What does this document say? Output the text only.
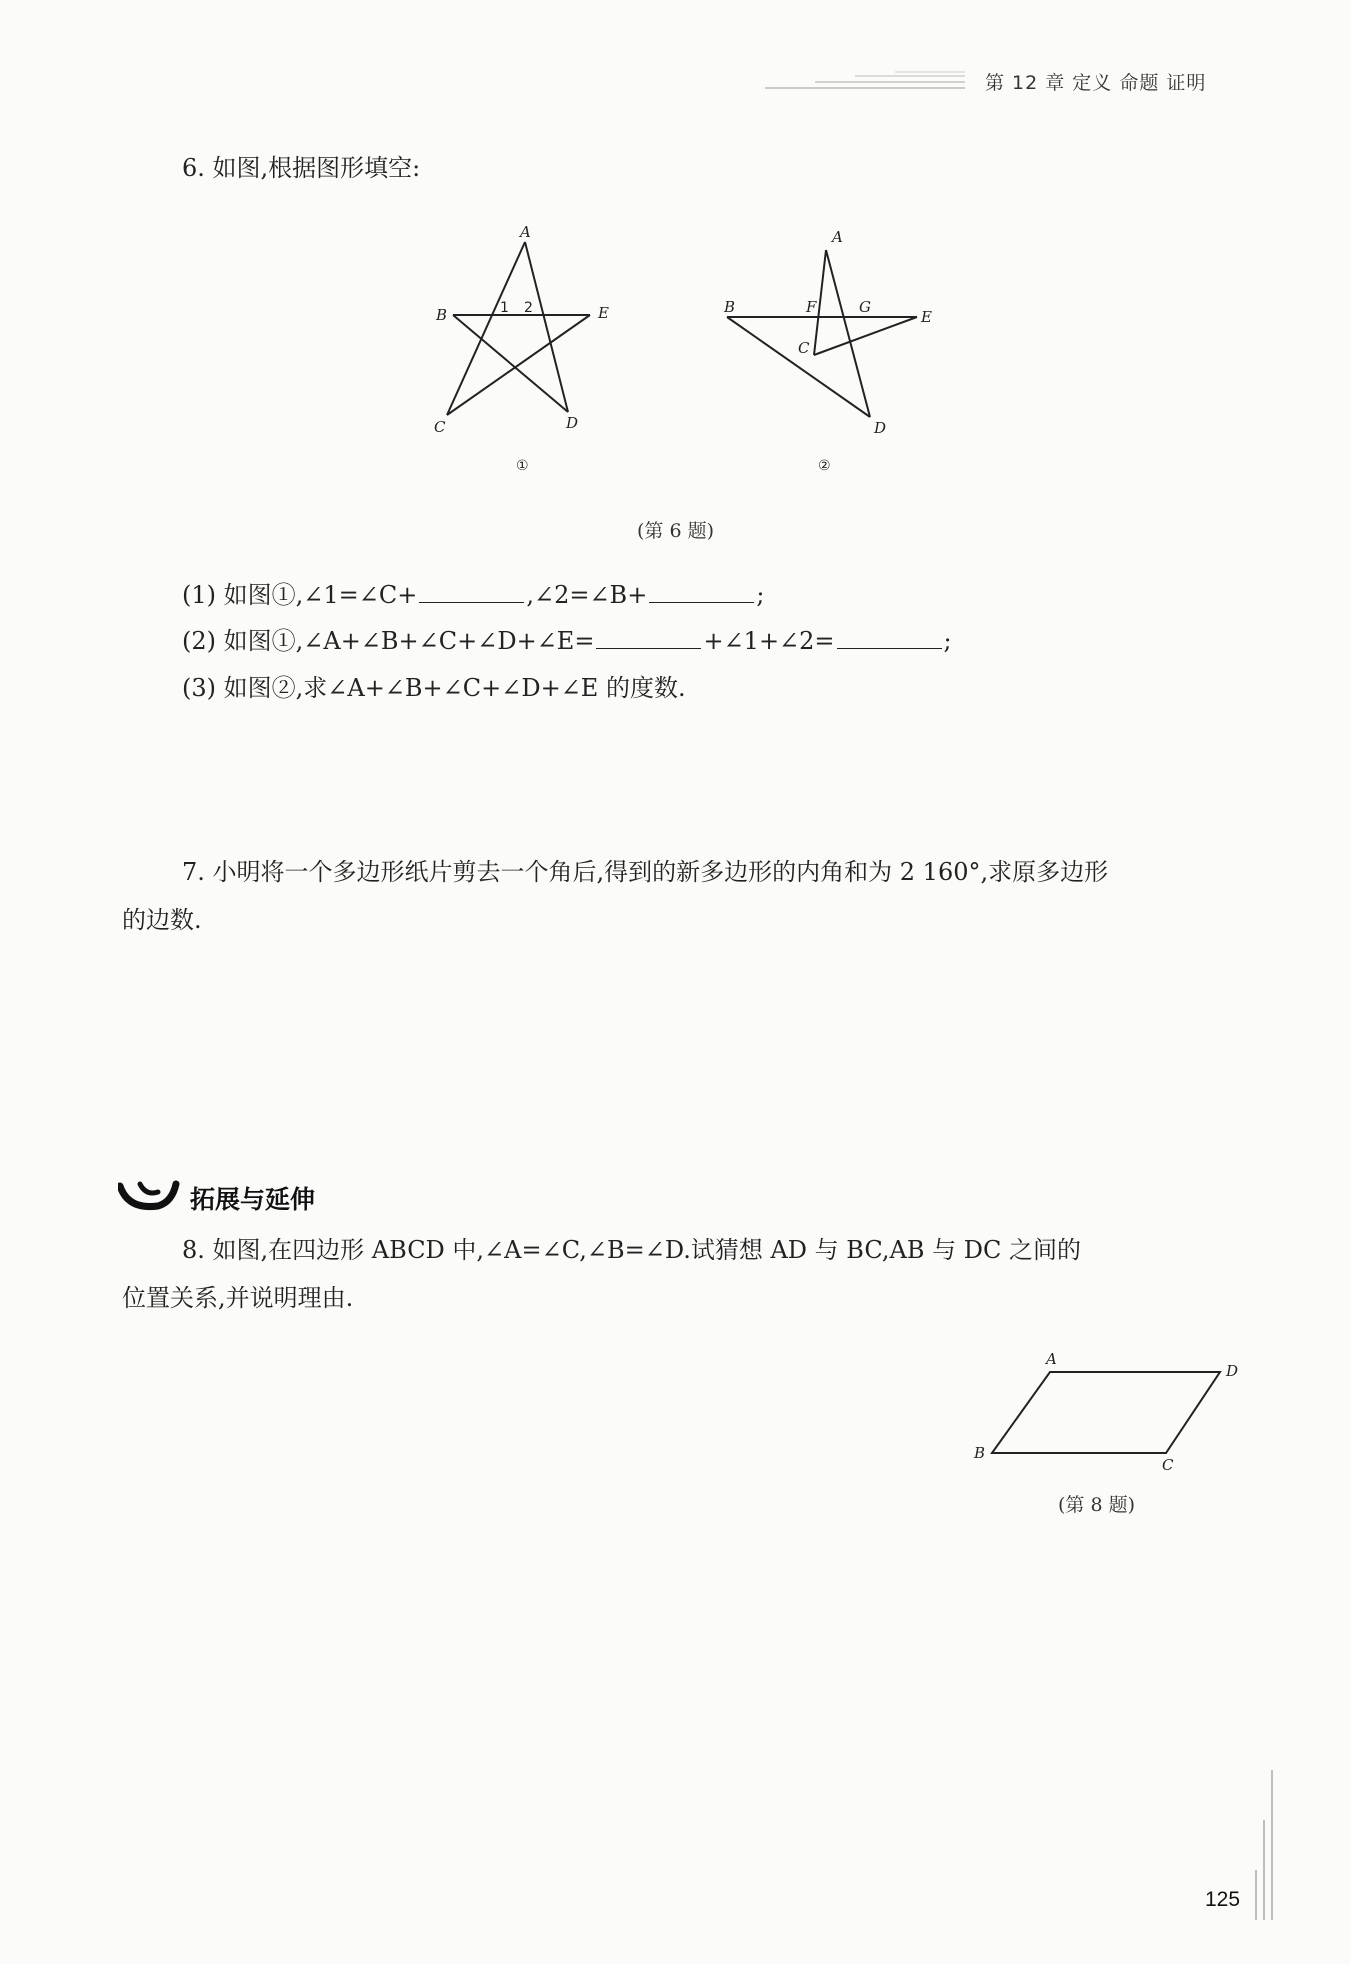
第 12 章 定义 命题 证明
6. 如图,根据图形填空:
A
B	E
C	D
1 2
①
A
B	F	G
E
C
D
②
(第 6 题)
(1) 如图①,∠1=∠C+	,∠2=∠B+	;
(2) 如图①,∠A+∠B+∠C+∠D+∠E=	+∠1+∠2=	;
(3) 如图②,求∠A+∠B+∠C+∠D+∠E 的度数.
7. 小明将一个多边形纸片剪去一个角后,得到的新多边形的内角和为 2 160°,求原多边形
的边数.
拓展与延伸
8. 如图,在四边形 ABCD 中,∠A=∠C,∠B=∠D.试猜想 AD 与 BC,AB 与 DC 之间的
位置关系,并说明理由.
A
D
B
C
(第 8 题)
125
